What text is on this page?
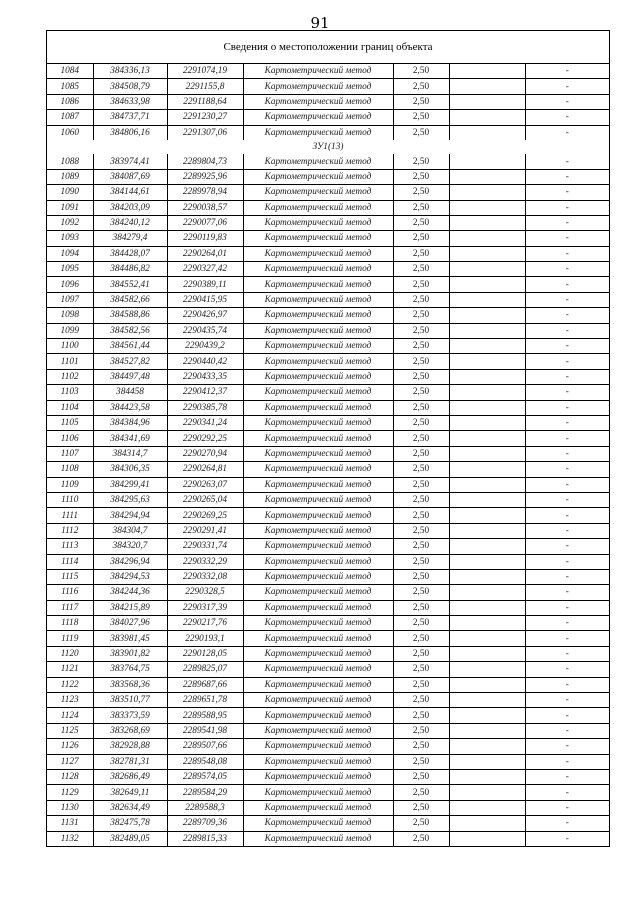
91
Сведения о местоположении границ объекта
1084	384336,13	2291074,19	Картометрический метод	2,50		-
1085	384508,79	2291155,8	Картометрический метод	2,50		-
1086	384633,98	2291188,64	Картометрический метод	2,50		-
1087	384737,71	2291230,27	Картометрический метод	2,50		-
1060	384806,16	2291307,06	Картометрический метод	2,50		-
ЗУ1(13)						
1088	383974,41	2289804,73	Картометрический метод	2,50		-
1089	384087,69	2289925,96	Картометрический метод	2,50		-
1090	384144,61	2289978,94	Картометрический метод	2,50		-
1091	384203,09	2290038,57	Картометрический метод	2,50		-
1092	384240,12	2290077,06	Картометрический метод	2,50		-
1093	384279,4	2290119,83	Картометрический метод	2,50		-
1094	384428,07	2290264,01	Картометрический метод	2,50		-
1095	384486,82	2290327,42	Картометрический метод	2,50		-
1096	384552,41	2290389,11	Картометрический метод	2,50		-
1097	384582,66	2290415,95	Картометрический метод	2,50		-
1098	384588,86	2290426,97	Картометрический метод	2,50		-
1099	384582,56	2290435,74	Картометрический метод	2,50		-
1100	384561,44	2290439,2	Картометрический метод	2,50		-
1101	384527,82	2290440,42	Картометрический метод	2,50		-
1102	384497,48	2290433,35	Картометрический метод	2,50		-
1103	384458	2290412,37	Картометрический метод	2,50		-
1104	384423,58	2290385,78	Картометрический метод	2,50		-
1105	384384,96	2290341,24	Картометрический метод	2,50		-
1106	384341,69	2290292,25	Картометрический метод	2,50		-
1107	384314,7	2290270,94	Картометрический метод	2,50		-
1108	384306,35	2290264,81	Картометрический метод	2,50		-
1109	384299,41	2290263,07	Картометрический метод	2,50		-
1110	384295,63	2290265,04	Картометрический метод	2,50		-
1111	384294,94	2290269,25	Картометрический метод	2,50		-
1112	384304,7	2290291,41	Картометрический метод	2,50		-
1113	384320,7	2290331,74	Картометрический метод	2,50		-
1114	384296,94	2290332,29	Картометрический метод	2,50		-
1115	384294,53	2290332,08	Картометрический метод	2,50		-
1116	384244,36	2290328,5	Картометрический метод	2,50		-
1117	384215,89	2290317,39	Картометрический метод	2,50		-
1118	384027,96	2290217,76	Картометрический метод	2,50		-
1119	383981,45	2290193,1	Картометрический метод	2,50		-
1120	383901,82	2290128,05	Картометрический метод	2,50		-
1121	383764,75	2289825,07	Картометрический метод	2,50		-
1122	383568,36	2289687,66	Картометрический метод	2,50		-
1123	383510,77	2289651,78	Картометрический метод	2,50		-
1124	383373,59	2289588,95	Картометрический метод	2,50		-
1125	383268,69	2289541,98	Картометрический метод	2,50		-
1126	382928,88	2289507,66	Картометрический метод	2,50		-
1127	382781,31	2289548,08	Картометрический метод	2,50		-
1128	382686,49	2289574,05	Картометрический метод	2,50		-
1129	382649,11	2289584,29	Картометрический метод	2,50		-
1130	382634,49	2289588,3	Картометрический метод	2,50		-
1131	382475,78	2289709,36	Картометрический метод	2,50		-
1132	382489,05	2289815,33	Картометрический метод	2,50		-
